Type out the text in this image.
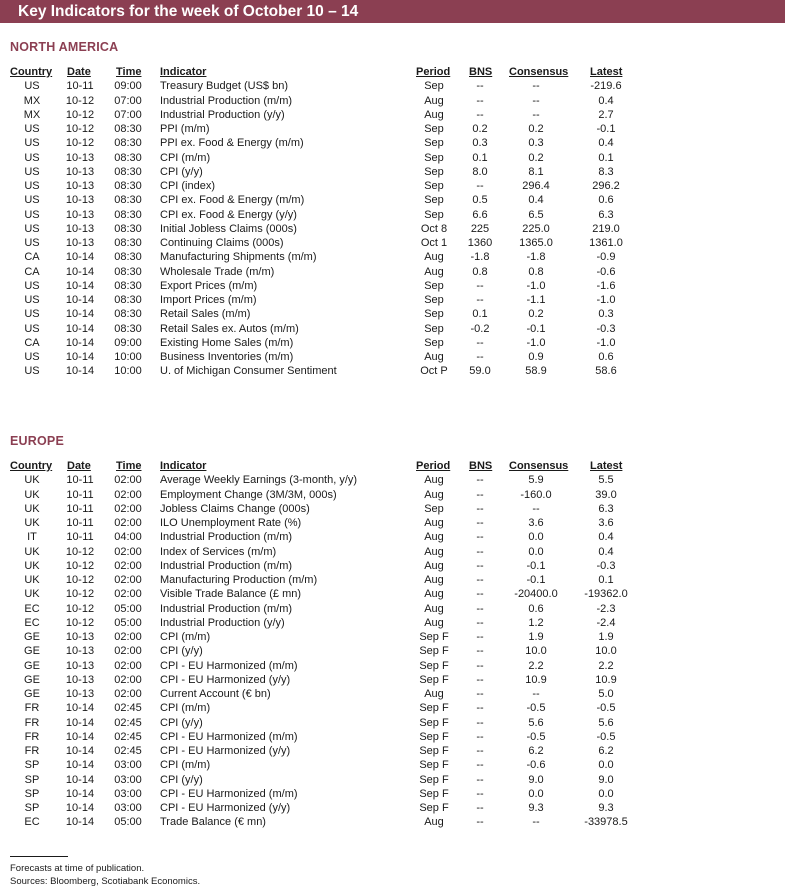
Key Indicators for the week of October 10 – 14
NORTH AMERICA
Country Date Time Indicator	Period BNS Consensus Latest
US	10-11	09:00	Treasury Budget (US$ bn)	Sep	--	--	-219.6
MX	10-12	07:00	Industrial Production (m/m)	Aug	--	--	0.4
MX	10-12	07:00	Industrial Production (y/y)	Aug	--	--	2.7
US	10-12	08:30	PPI (m/m)	Sep	0.2	0.2	-0.1
US	10-12	08:30	PPI ex. Food & Energy (m/m)	Sep	0.3	0.3	0.4
US	10-13	08:30	CPI (m/m)	Sep	0.1	0.2	0.1
US	10-13	08:30	CPI (y/y)	Sep	8.0	8.1	8.3
US	10-13	08:30	CPI (index)	Sep	--	296.4	296.2
US	10-13	08:30	CPI ex. Food & Energy (m/m)	Sep	0.5	0.4	0.6
US	10-13	08:30	CPI ex. Food & Energy (y/y)	Sep	6.6	6.5	6.3
US	10-13	08:30	Initial Jobless Claims (000s)	Oct 8	225	225.0	219.0
US	10-13	08:30	Continuing Claims (000s)	Oct 1	1360	1365.0	1361.0
CA	10-14	08:30	Manufacturing Shipments (m/m)	Aug	-1.8	-1.8	-0.9
CA	10-14	08:30	Wholesale Trade (m/m)	Aug	0.8	0.8	-0.6
US	10-14	08:30	Export Prices (m/m)	Sep	--	-1.0	-1.6
US	10-14	08:30	Import Prices (m/m)	Sep	--	-1.1	-1.0
US	10-14	08:30	Retail Sales (m/m)	Sep	0.1	0.2	0.3
US	10-14	08:30	Retail Sales ex. Autos (m/m)	Sep	-0.2	-0.1	-0.3
CA	10-14	09:00	Existing Home Sales (m/m)	Sep	--	-1.0	-1.0
US	10-14	10:00	Business Inventories (m/m)	Aug	--	0.9	0.6
US	10-14	10:00	U. of Michigan Consumer Sentiment	Oct P	59.0	58.9	58.6
EUROPE
Country Date Time Indicator	Period BNS Consensus Latest
UK	10-11	02:00	Average Weekly Earnings (3-month, y/y)	Aug	--	5.9	5.5
UK	10-11	02:00	Employment Change (3M/3M, 000s)	Aug	--	-160.0	39.0
UK	10-11	02:00	Jobless Claims Change (000s)	Sep	--	--	6.3
UK	10-11	02:00	ILO Unemployment Rate (%)	Aug	--	3.6	3.6
IT	10-11	04:00	Industrial Production (m/m)	Aug	--	0.0	0.4
UK	10-12	02:00	Index of Services (m/m)	Aug	--	0.0	0.4
UK	10-12	02:00	Industrial Production (m/m)	Aug	--	-0.1	-0.3
UK	10-12	02:00	Manufacturing Production (m/m)	Aug	--	-0.1	0.1
UK	10-12	02:00	Visible Trade Balance (£ mn)	Aug	--	-20400.0	-19362.0
EC	10-12	05:00	Industrial Production (m/m)	Aug	--	0.6	-2.3
EC	10-12	05:00	Industrial Production (y/y)	Aug	--	1.2	-2.4
GE	10-13	02:00	CPI (m/m)	Sep F	--	1.9	1.9
GE	10-13	02:00	CPI (y/y)	Sep F	--	10.0	10.0
GE	10-13	02:00	CPI - EU Harmonized (m/m)	Sep F	--	2.2	2.2
GE	10-13	02:00	CPI - EU Harmonized (y/y)	Sep F	--	10.9	10.9
GE	10-13	02:00	Current Account (€ bn)	Aug	--	--	5.0
FR	10-14	02:45	CPI (m/m)	Sep F	--	-0.5	-0.5
FR	10-14	02:45	CPI (y/y)	Sep F	--	5.6	5.6
FR	10-14	02:45	CPI - EU Harmonized (m/m)	Sep F	--	-0.5	-0.5
FR	10-14	02:45	CPI - EU Harmonized (y/y)	Sep F	--	6.2	6.2
SP	10-14	03:00	CPI (m/m)	Sep F	--	-0.6	0.0
SP	10-14	03:00	CPI (y/y)	Sep F	--	9.0	9.0
SP	10-14	03:00	CPI - EU Harmonized (m/m)	Sep F	--	0.0	0.0
SP	10-14	03:00	CPI - EU Harmonized (y/y)	Sep F	--	9.3	9.3
EC	10-14	05:00	Trade Balance (€ mn)	Aug	--	--	-33978.5
Forecasts at time of publication.
Sources: Bloomberg, Scotiabank Economics.
